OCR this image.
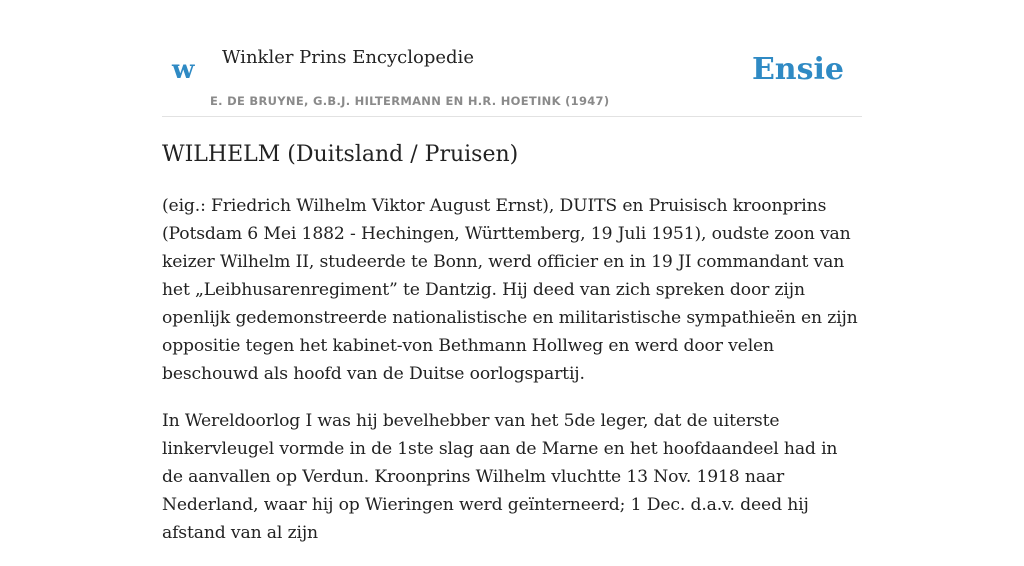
w Winkler Prins Encyclopedie
E. DE BRUYNE, G.B.J. HILTERMANN EN H.R. HOETINK (1947)
Ensie
WILHELM (Duitsland / Pruisen)

(eig.: Friedrich Wilhelm Viktor August Ernst), DUITS en Pruisisch kroonprins (Potsdam 6 Mei 1882 - Hechingen, Württemberg, 19 Juli 1951), oudste zoon van keizer Wilhelm II, studeerde te Bonn, werd officier en in 19 JI commandant van het „Leibhusarenregiment” te Dantzig. Hij deed van zich spreken door zijn openlijk gedemonstreerde nationalistische en militaristische sympathieën en zijn oppositie tegen het kabinet-von Bethmann Hollweg en werd door velen beschouwd als hoofd van de Duitse oorlogspartij.

In Wereldoorlog I was hij bevelhebber van het 5de leger, dat de uiterste linkervleugel vormde in de 1ste slag aan de Marne en het hoofdaandeel had in de aanvallen op Verdun. Kroonprins Wilhelm vluchtte 13 Nov. 1918 naar Nederland, waar hij op Wieringen werd geïnterneerd; 1 Dec. d.a.v. deed hij afstand van al zijn
